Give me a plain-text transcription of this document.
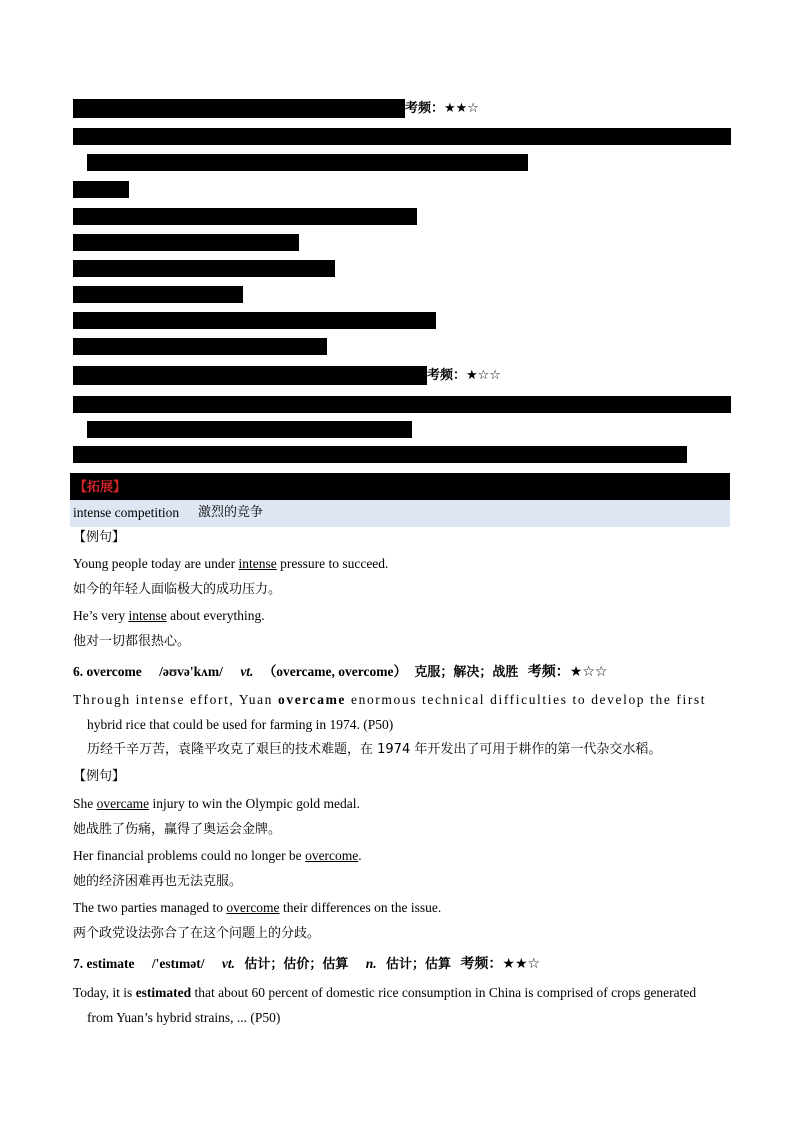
考频：★★☆
考频：★☆☆
【拓展】
intense competition 激烈的竞争
【例句】
Young people today are under intense pressure to succeed.
如今的年轻人面临极大的成功压力。
He’s very intense about everything.
他对一切都很热心。
6. overcome /əʊvə'kʌm/ vt. （overcame, overcome） 克服；解决；战胜 考频：★☆☆
Through intense effort, Yuan overcame enormous technical difficulties to develop the first
hybrid rice that could be used for farming in 1974. (P50)
历经千辛万苦，袁隆平攻克了艰巨的技术难题，在 1974 年开发出了可用于耕作的第一代杂交水稻。
【例句】
She overcame injury to win the Olympic gold medal.
她战胜了伤痛，赢得了奥运会金牌。
Her financial problems could no longer be overcome.
她的经济困难再也无法克服。
The two parties managed to overcome their differences on the issue.
两个政党设法弥合了在这个问题上的分歧。
7. estimate /'estɪmət/ vt. 估计；估价；估算 n. 估计；估算 考频：★★☆
Today, it is estimated that about 60 percent of domestic rice consumption in China is comprised of crops generated
from Yuan’s hybrid strains, ... (P50)
